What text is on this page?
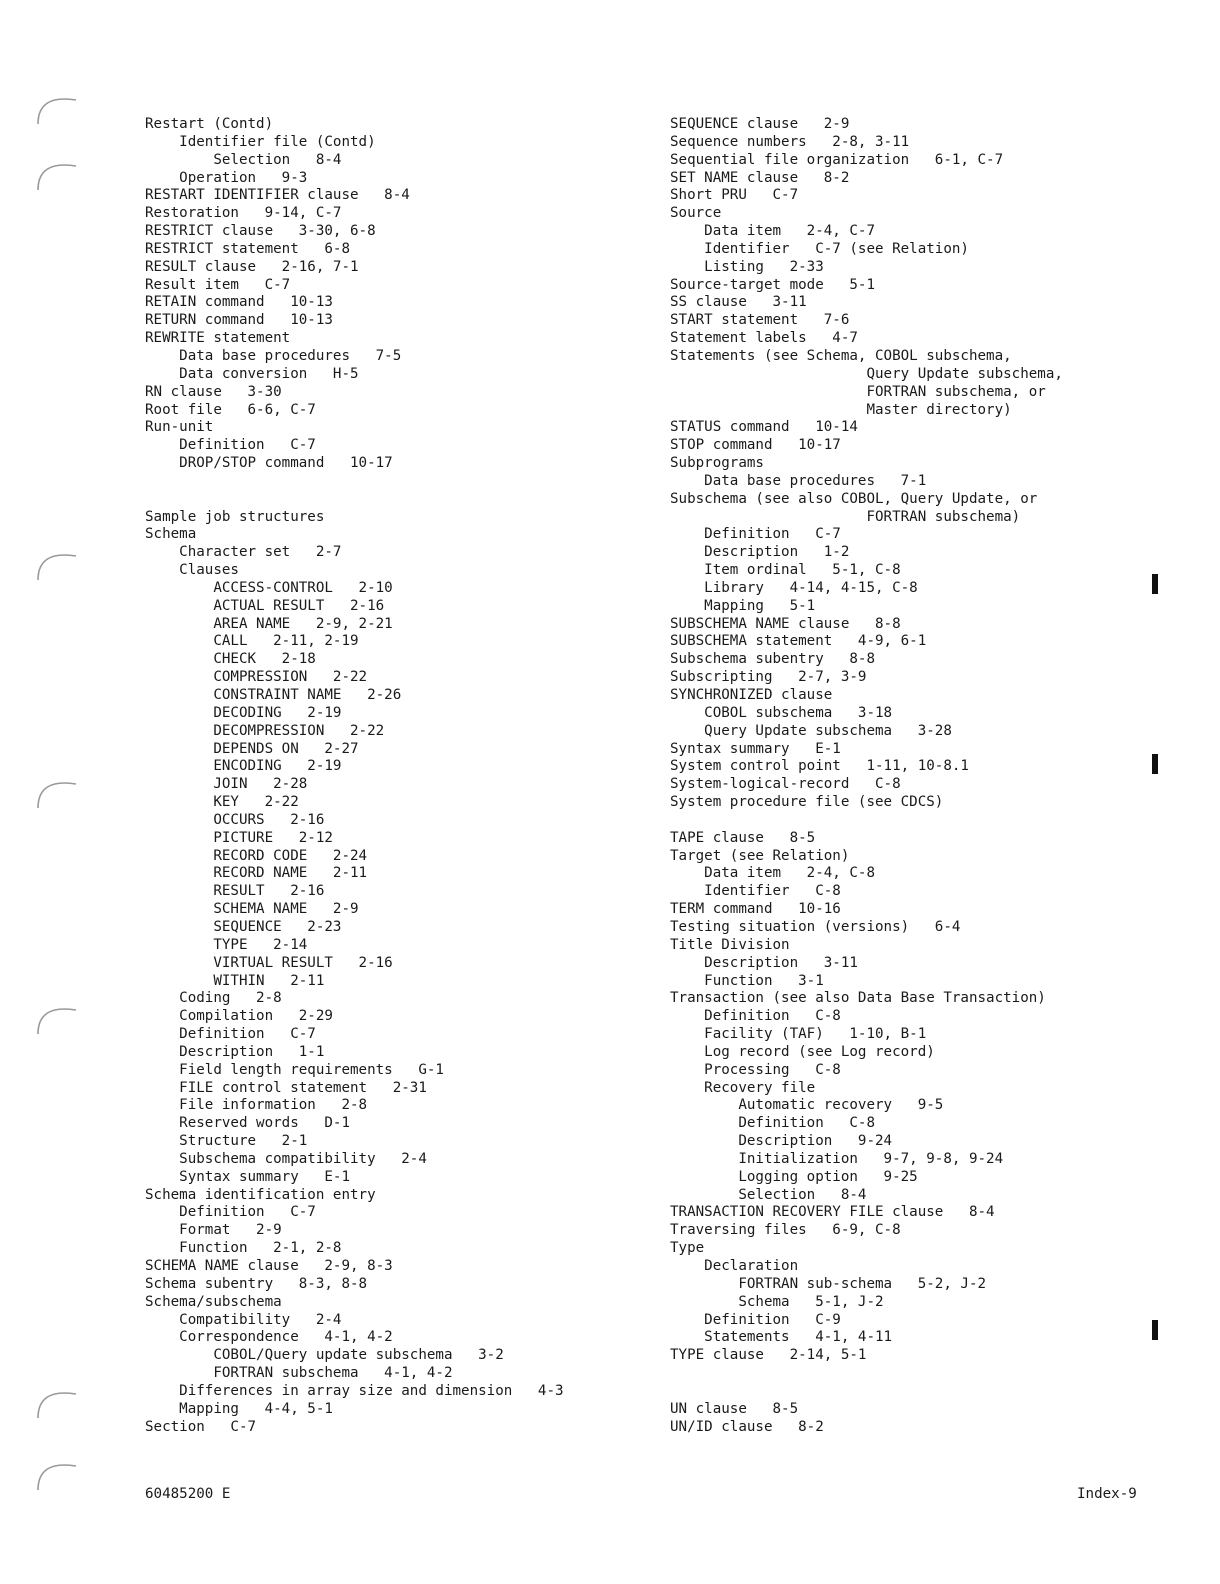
Restart (Contd)
Identifier file (Contd)
Selection   8-4
Operation   9-3
RESTART IDENTIFIER clause   8-4
Restoration   9-14, C-7
RESTRICT clause   3-30, 6-8
RESTRICT statement   6-8
RESULT clause   2-16, 7-1
Result item   C-7
RETAIN command   10-13
RETURN command   10-13
REWRITE statement
Data base procedures   7-5
Data conversion   H-5
RN clause   3-30
Root file   6-6, C-7
Run-unit
Definition   C-7
DROP/STOP command   10-17
Sample job structures
Schema
Character set   2-7
Clauses
ACCESS-CONTROL   2-10
ACTUAL RESULT   2-16
AREA NAME   2-9, 2-21
CALL   2-11, 2-19
CHECK   2-18
COMPRESSION   2-22
CONSTRAINT NAME   2-26
DECODING   2-19
DECOMPRESSION   2-22
DEPENDS ON   2-27
ENCODING   2-19
JOIN   2-28
KEY   2-22
OCCURS   2-16
PICTURE   2-12
RECORD CODE   2-24
RECORD NAME   2-11
RESULT   2-16
SCHEMA NAME   2-9
SEQUENCE   2-23
TYPE   2-14
VIRTUAL RESULT   2-16
WITHIN   2-11
Coding   2-8
Compilation   2-29
Definition   C-7
Description   1-1
Field length requirements   G-1
FILE control statement   2-31
File information   2-8
Reserved words   D-1
Structure   2-1
Subschema compatibility   2-4
Syntax summary   E-1
Schema identification entry
Definition   C-7
Format   2-9
Function   2-1, 2-8
SCHEMA NAME clause   2-9, 8-3
Schema subentry   8-3, 8-8
Schema/subschema
Compatibility   2-4
Correspondence   4-1, 4-2
COBOL/Query update subschema   3-2
FORTRAN subschema   4-1, 4-2
Differences in array size and dimension   4-3
Mapping   4-4, 5-1
Section   C-7
SEQUENCE clause   2-9
Sequence numbers   2-8, 3-11
Sequential file organization   6-1, C-7
SET NAME clause   8-2
Short PRU   C-7
Source
Data item   2-4, C-7
Identifier   C-7 (see Relation)
Listing   2-33
Source-target mode   5-1
SS clause   3-11
START statement   7-6
Statement labels   4-7
Statements (see Schema, COBOL subschema,
Query Update subschema,
FORTRAN subschema, or
Master directory)
STATUS command   10-14
STOP command   10-17
Subprograms
Data base procedures   7-1
Subschema (see also COBOL, Query Update, or
FORTRAN subschema)
Definition   C-7
Description   1-2
Item ordinal   5-1, C-8
Library   4-14, 4-15, C-8
Mapping   5-1
SUBSCHEMA NAME clause   8-8
SUBSCHEMA statement   4-9, 6-1
Subschema subentry   8-8
Subscripting   2-7, 3-9
SYNCHRONIZED clause
COBOL subschema   3-18
Query Update subschema   3-28
Syntax summary   E-1
System control point   1-11, 10-8.1
System-logical-record   C-8
System procedure file (see CDCS)
TAPE clause   8-5
Target (see Relation)
Data item   2-4, C-8
Identifier   C-8
TERM command   10-16
Testing situation (versions)   6-4
Title Division
Description   3-11
Function   3-1
Transaction (see also Data Base Transaction)
Definition   C-8
Facility (TAF)   1-10, B-1
Log record (see Log record)
Processing   C-8
Recovery file
Automatic recovery   9-5
Definition   C-8
Description   9-24
Initialization   9-7, 9-8, 9-24
Logging option   9-25
Selection   8-4
TRANSACTION RECOVERY FILE clause   8-4
Traversing files   6-9, C-8
Type
Declaration
FORTRAN sub-schema   5-2, J-2
Schema   5-1, J-2
Definition   C-9
Statements   4-1, 4-11
TYPE clause   2-14, 5-1
UN clause   8-5
UN/ID clause   8-2
60485200 E	Index-9
